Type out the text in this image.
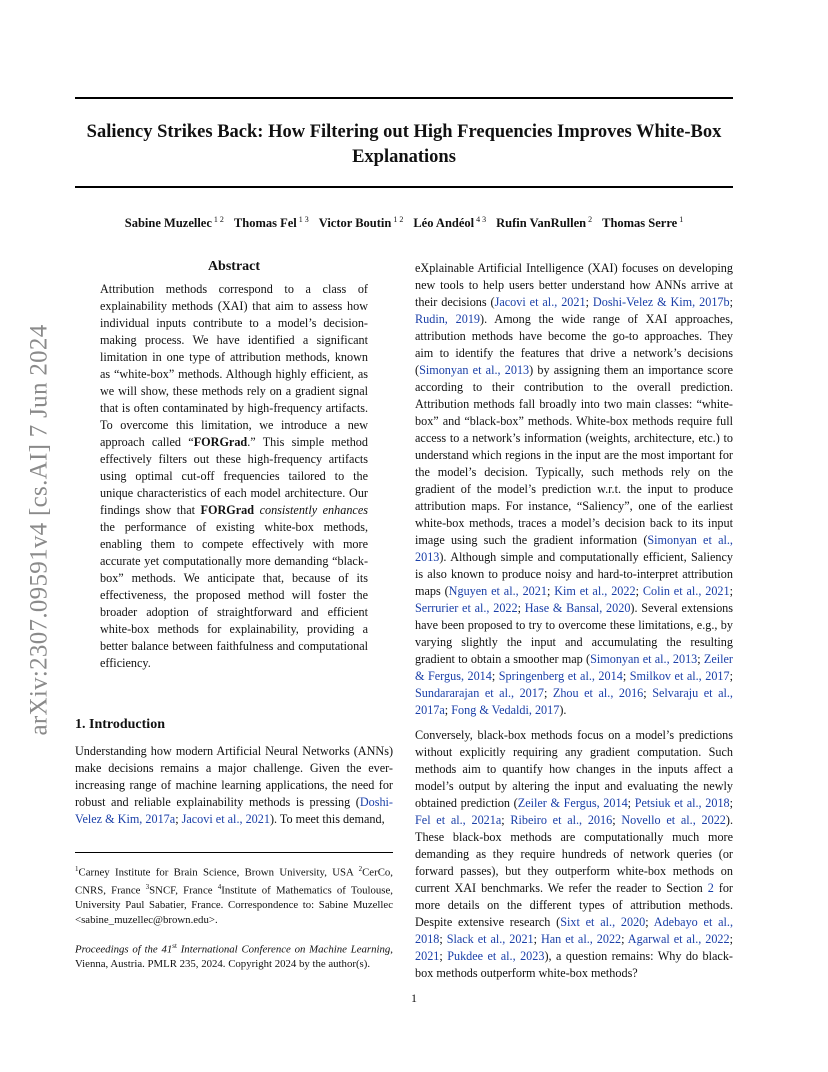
arXiv:2307.09591v4 [cs.AI] 7 Jun 2024
Saliency Strikes Back: How Filtering out High Frequencies Improves White-Box Explanations
Sabine Muzellec $^{1 2}$ Thomas Fel $^{1 3}$ Victor Boutin $^{1 2}$ Léo Andéol $^{4 3}$ Rufin VanRullen $^2$ Thomas Serre $^1$
Abstract

Attribution methods correspond to a class of explainability methods (XAI) that aim to assess how individual inputs contribute to a model’s decision-making process. We have identified a significant limitation in one type of attribution methods, known as “white-box” methods. Although highly efficient, as we will show, these methods rely on a gradient signal that is often contaminated by high-frequency artifacts. To overcome this limitation, we introduce a new approach called “FORGrad.” This simple method effectively filters out these high-frequency artifacts using optimal cut-off frequencies tailored to the unique characteristics of each model architecture. Our findings show that FORGrad consistently enhances the performance of existing white-box methods, enabling them to compete effectively with more accurate yet computationally more demanding “black-box” methods. We anticipate that, because of its effectiveness, the proposed method will foster the broader adoption of straightforward and efficient white-box methods for explainability, providing a better balance between faithfulness and computational efficiency.

1. Introduction

Understanding how modern Artificial Neural Networks (ANNs) make decisions remains a major challenge. Given the ever-increasing range of machine learning applications, the need for robust and reliable explainability methods is pressing (Doshi-Velez & Kim, 2017a; Jacovi et al., 2021). To meet this demand,

eXplainable Artificial Intelligence (XAI) focuses on developing new tools to help users better understand how ANNs arrive at their decisions (Jacovi et al., 2021; Doshi-Velez & Kim, 2017b; Rudin, 2019). Among the wide range of XAI approaches, attribution methods have become the go-to approaches. They aim to identify the features that drive a network’s decisions (Simonyan et al., 2013) by assigning them an importance score according to their contribution to the overall prediction. Attribution methods fall broadly into two main classes: “white-box” and “black-box” methods. White-box methods require full access to a network’s information (weights, architecture, etc.) to understand which regions in the input are the most important for the model’s decision. Typically, such methods rely on the gradient of the model’s prediction w.r.t. the input to produce attribution maps. For instance, “Saliency”, one of the earliest white-box methods, traces a model’s decision back to its input image using such the gradient information (Simonyan et al., 2013). Although simple and computationally efficient, Saliency is also known to produce noisy and hard-to-interpret attribution maps (Nguyen et al., 2021; Kim et al., 2022; Colin et al., 2021; Serrurier et al., 2022; Hase & Bansal, 2020). Several extensions have been proposed to try to overcome these limitations, e.g., by varying slightly the input and accumulating the resulting gradient to obtain a smoother map (Simonyan et al., 2013; Zeiler & Fergus, 2014; Springenberg et al., 2014; Smilkov et al., 2017; Sundararajan et al., 2017; Zhou et al., 2016; Selvaraju et al., 2017a; Fong & Vedaldi, 2017).

Conversely, black-box methods focus on a model’s predictions without explicitly requiring any gradient computation. Such methods aim to quantify how changes in the inputs affect a model’s output by altering the input and evaluating the newly obtained prediction (Zeiler & Fergus, 2014; Petsiuk et al., 2018; Fel et al., 2021a; Ribeiro et al., 2016; Novello et al., 2022). These black-box methods are computationally much more demanding as they require hundreds of network queries (or forward passes), but they outperform white-box methods on current XAI benchmarks. We refer the reader to Section 2 for more details on the different types of attribution methods. Despite extensive research (Sixt et al., 2020; Adebayo et al., 2018; Slack et al., 2021; Han et al., 2022; Agarwal et al., 2022; 2021; Pukdee et al., 2023), a question remains: Why do black-box methods outperform white-box methods?

$^1$Carney Institute for Brain Science, Brown University, USA $^2$CerCo, CNRS, France $^3$SNCF, France $^4$Institute of Mathematics of Toulouse, University Paul Sabatier, France. Correspondence to: Sabine Muzellec <sabine_muzellec@brown.edu>.

Proceedings of the 41st International Conference on Machine Learning, Vienna, Austria. PMLR 235, 2024. Copyright 2024 by the author(s).

1
